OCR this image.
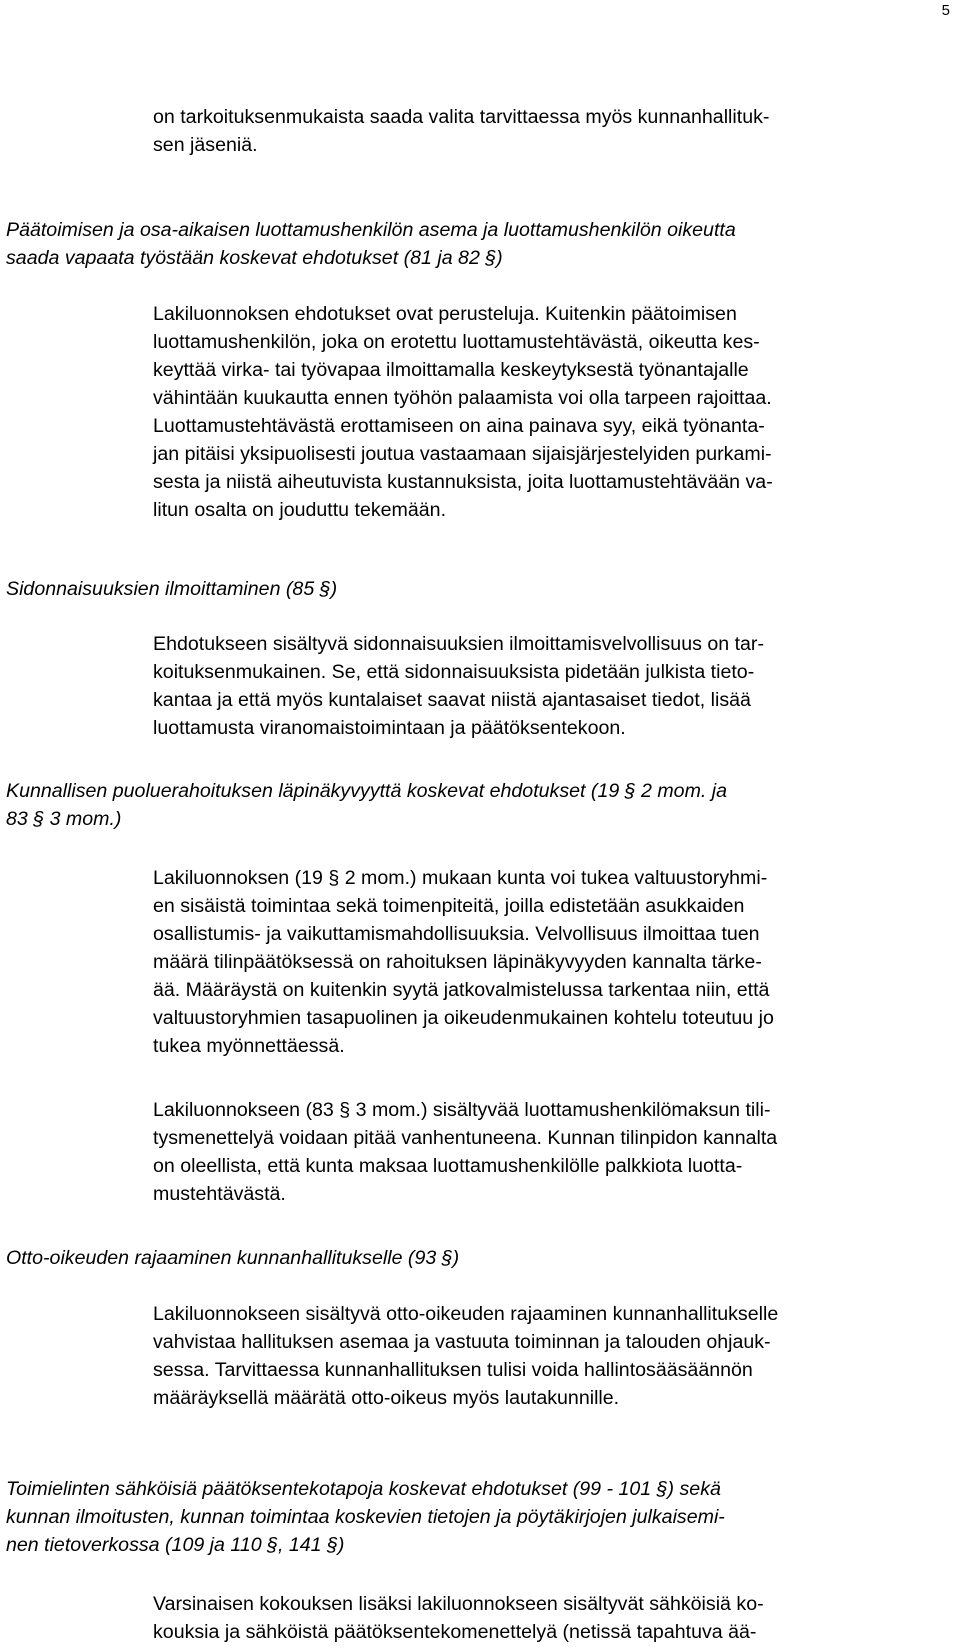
5
on tarkoituksenmukaista saada valita tarvittaessa myös kunnanhallituk-
sen jäseniä.
Päätoimisen ja osa-aikaisen luottamushenkilön asema ja luottamushenkilön oikeutta
saada vapaata työstään koskevat ehdotukset (81 ja 82 §)
Lakiluonnoksen ehdotukset ovat perusteluja. Kuitenkin päätoimisen
luottamushenkilön, joka on erotettu luottamustehtävästä, oikeutta kes-
keyttää virka- tai työvapaa ilmoittamalla keskeytyksestä työnantajalle
vähintään kuukautta ennen työhön palaamista voi olla tarpeen rajoittaa.
Luottamustehtävästä erottamiseen on aina painava syy, eikä työnanta-
jan pitäisi yksipuolisesti joutua vastaamaan sijaisjärjestelyiden purkami-
sesta ja niistä aiheutuvista kustannuksista, joita luottamustehtävään va-
litun osalta on jouduttu tekemään.
Sidonnaisuuksien ilmoittaminen (85 §)
Ehdotukseen sisältyvä sidonnaisuuksien ilmoittamisvelvollisuus on tar-
koituksenmukainen. Se, että sidonnaisuuksista pidetään julkista tieto-
kantaa ja että myös kuntalaiset saavat niistä ajantasaiset tiedot, lisää
luottamusta viranomaistoimintaan ja päätöksentekoon.
Kunnallisen puoluerahoituksen läpinäkyvyyttä koskevat ehdotukset (19 § 2 mom. ja
83 § 3 mom.)
Lakiluonnoksen (19 § 2 mom.) mukaan kunta voi tukea valtuustoryhmi-
en sisäistä toimintaa sekä toimenpiteitä, joilla edistetään asukkaiden
osallistumis- ja vaikuttamismahdollisuuksia. Velvollisuus ilmoittaa tuen
määrä tilinpäätöksessä on rahoituksen läpinäkyvyyden kannalta tärke-
ää. Määräystä on kuitenkin syytä jatkovalmistelussa tarkentaa niin, että
valtuustoryhmien tasapuolinen ja oikeudenmukainen kohtelu toteutuu jo
tukea myönnettäessä.
Lakiluonnokseen (83 § 3 mom.) sisältyvää luottamushenkilömaksun tili-
tysmenettelyä voidaan pitää vanhentuneena. Kunnan tilinpidon kannalta
on oleellista, että kunta maksaa luottamushenkilölle palkkiota luotta-
mustehtävästä.
Otto-oikeuden rajaaminen kunnanhallitukselle (93 §)
Lakiluonnokseen sisältyvä otto-oikeuden rajaaminen kunnanhallitukselle
vahvistaa hallituksen asemaa ja vastuuta toiminnan ja talouden ohjauk-
sessa. Tarvittaessa kunnanhallituksen tulisi voida hallintosääsäännön
määräyksellä määrätä otto-oikeus myös lautakunnille.
Toimielinten sähköisiä päätöksentekotapoja koskevat ehdotukset (99 - 101 §) sekä
kunnan ilmoitusten, kunnan toimintaa koskevien tietojen ja pöytäkirjojen julkaisemi-
nen tietoverkossa (109 ja 110 §, 141 §)
Varsinaisen kokouksen lisäksi lakiluonnokseen sisältyvät sähköisiä ko-
kouksia ja sähköistä päätöksentekomenettelyä (netissä tapahtuva ää-
